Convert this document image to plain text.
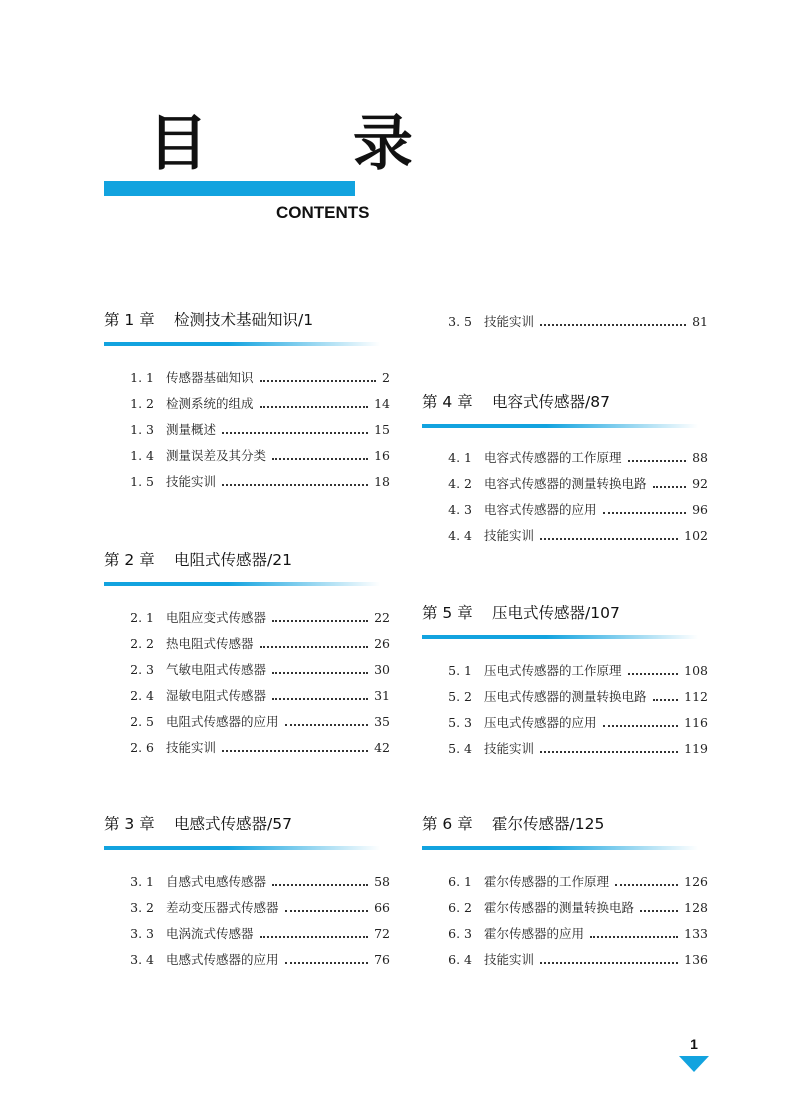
目 录
CONTENTS
第 1 章 检测技术基础知识/1
1. 1 传感器基础知识	2
1. 2 检测系统的组成	14
1. 3 测量概述	15
1. 4 测量误差及其分类	16
1. 5 技能实训	18
第 2 章 电阻式传感器/21
2. 1 电阻应变式传感器	22
2. 2 热电阻式传感器	26
2. 3 气敏电阻式传感器	30
2. 4 湿敏电阻式传感器	31
2. 5 电阻式传感器的应用	35
2. 6 技能实训	42
第 3 章 电感式传感器/57
3. 1 自感式电感传感器	58
3. 2 差动变压器式传感器	66
3. 3 电涡流式传感器	72
3. 4 电感式传感器的应用	76
3. 5 技能实训	81
第 4 章 电容式传感器/87
4. 1 电容式传感器的工作原理	88
4. 2 电容式传感器的测量转换电路	92
4. 3 电容式传感器的应用	96
4. 4 技能实训	102
第 5 章 压电式传感器/107
5. 1 压电式传感器的工作原理	108
5. 2 压电式传感器的测量转换电路	112
5. 3 压电式传感器的应用	116
5. 4 技能实训	119
第 6 章 霍尔传感器/125
6. 1 霍尔传感器的工作原理	126
6. 2 霍尔传感器的测量转换电路	128
6. 3 霍尔传感器的应用	133
6. 4 技能实训	136
1
